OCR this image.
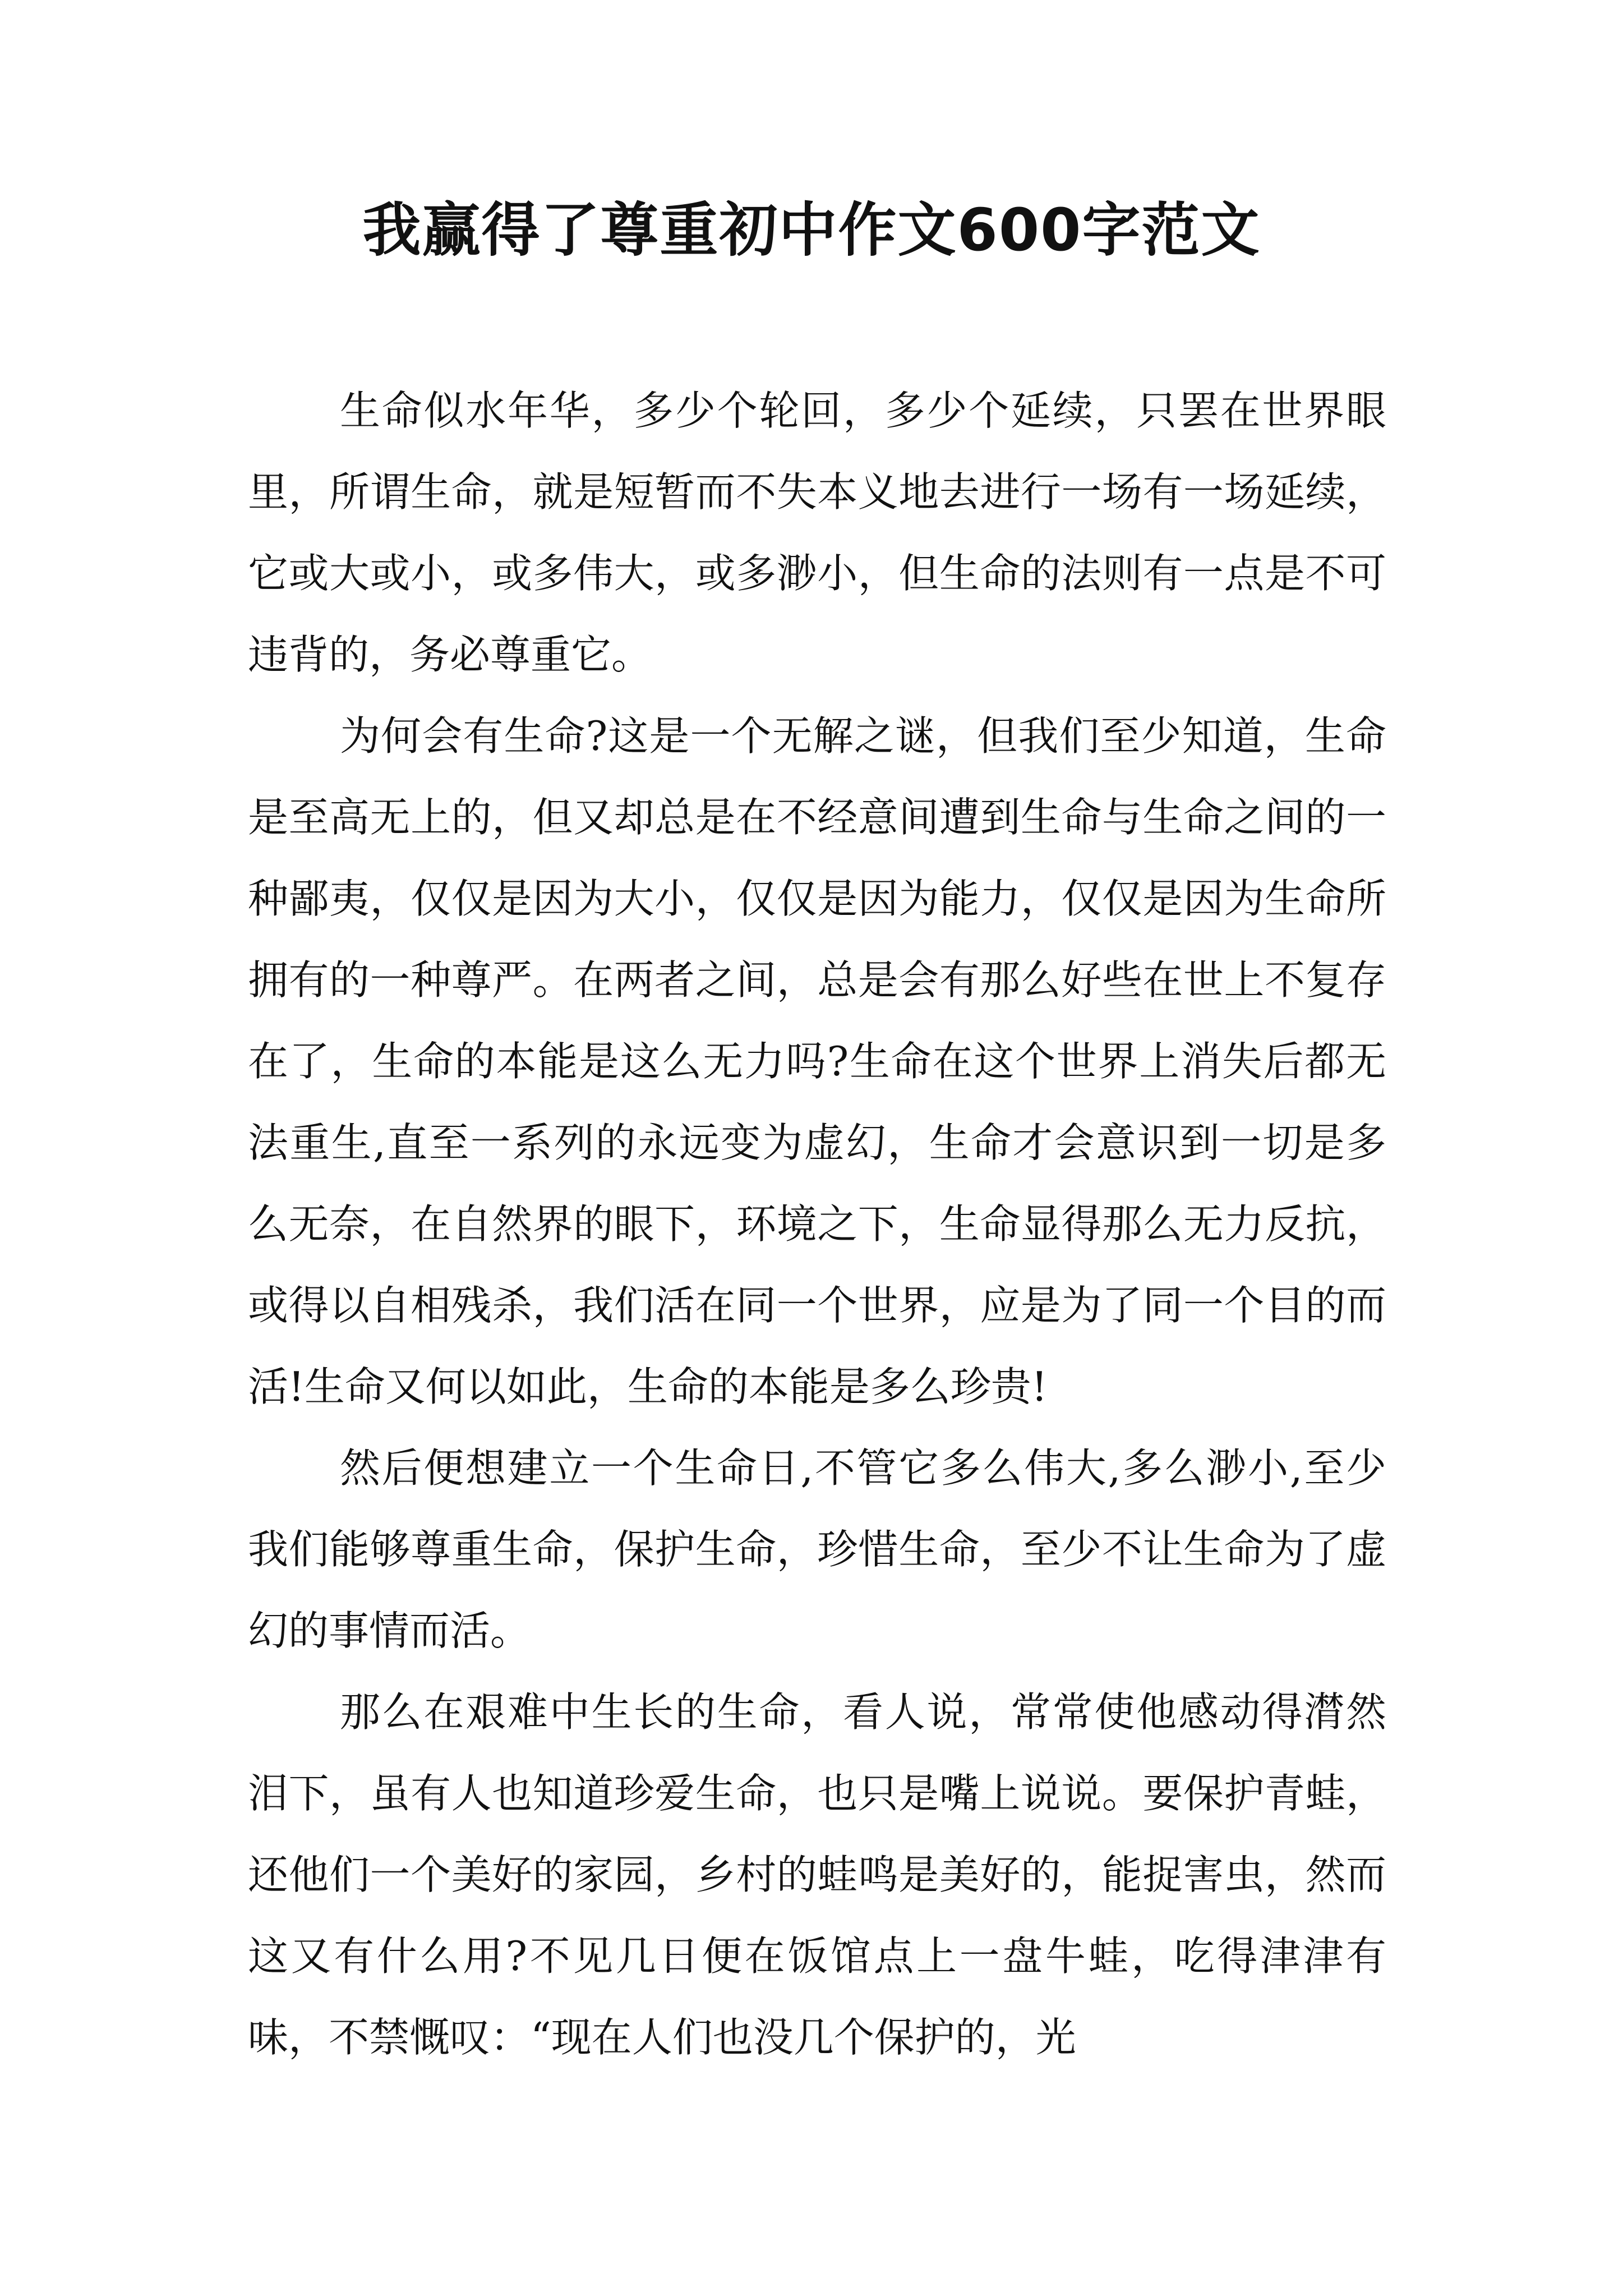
我赢得了尊重初中作文600字范文

生命似水年华，多少个轮回，多少个延续，只罢在世界眼里，所谓生命，就是短暂而不失本义地去进行一场有一场延续，它或大或小，或多伟大，或多渺小，但生命的法则有一点是不可违背的，务必尊重它。

为何会有生命?这是一个无解之谜，但我们至少知道，生命是至高无上的，但又却总是在不经意间遭到生命与生命之间的一种鄙夷，仅仅是因为大小，仅仅是因为能力，仅仅是因为生命所拥有的一种尊严。在两者之间，总是会有那么好些在世上不复存在了，生命的本能是这么无力吗?生命在这个世界上消失后都无法重生,直至一系列的永远变为虚幻，生命才会意识到一切是多么无奈，在自然界的眼下，环境之下，生命显得那么无力反抗，或得以自相残杀，我们活在同一个世界，应是为了同一个目的而活!生命又何以如此，生命的本能是多么珍贵!

然后便想建立一个生命日,不管它多么伟大,多么渺小,至少我们能够尊重生命，保护生命，珍惜生命，至少不让生命为了虚幻的事情而活。

那么在艰难中生长的生命，看人说，常常使他感动得潸然泪下，虽有人也知道珍爱生命，也只是嘴上说说。要保护青蛙，还他们一个美好的家园，乡村的蛙鸣是美好的，能捉害虫，然而这又有什么用?不见几日便在饭馆点上一盘牛蛙，吃得津津有味，不禁慨叹：“现在人们也没几个保护的，光
